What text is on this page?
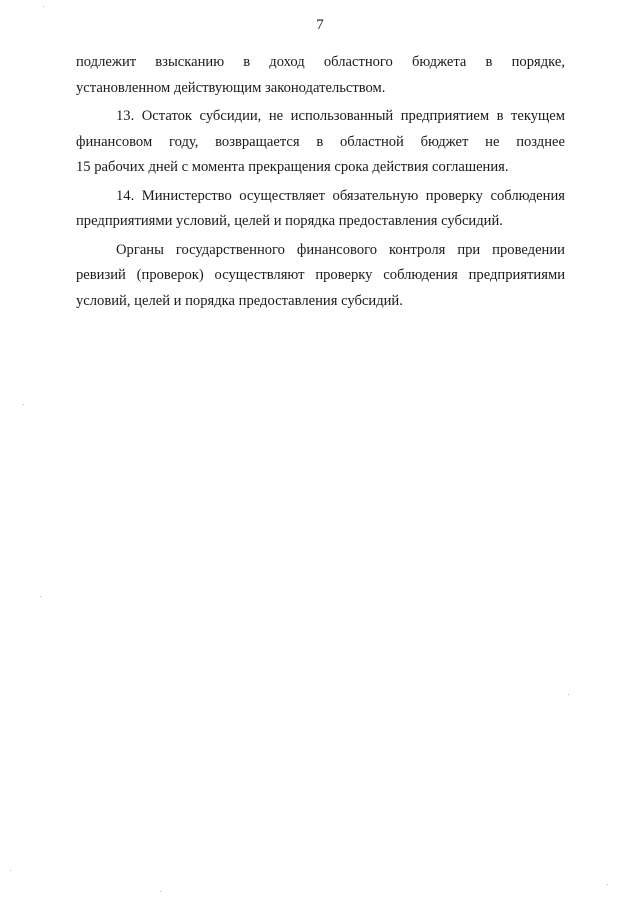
7
подлежит взысканию в доход областного бюджета в порядке,
установленном действующим законодательством.
13. Остаток субсидии, не использованный предприятием в текущем
финансовом году, возвращается в областной бюджет не позднее
15 рабочих дней с момента прекращения срока действия соглашения.
14. Министерство осуществляет обязательную проверку соблюдения
предприятиями условий, целей и порядка предоставления субсидий.
Органы государственного финансового контроля при проведении
ревизий (проверок) осуществляют проверку соблюдения предприятиями
условий, целей и порядка предоставления субсидий.
